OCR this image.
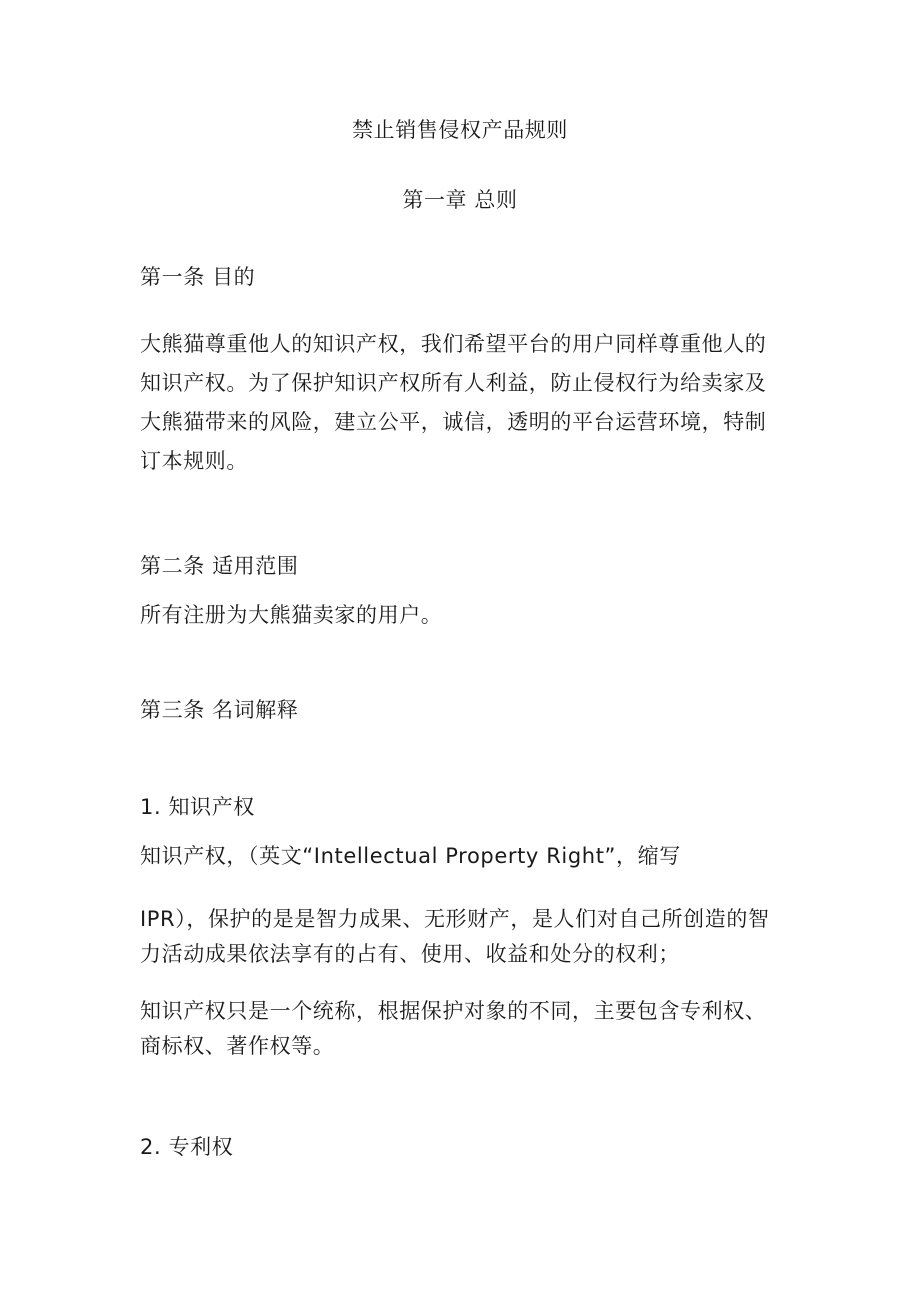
禁止销售侵权产品规则
第一章 总则
第一条 目的
大熊猫尊重他人的知识产权，我们希望平台的用户同样尊重他人的
知识产权。为了保护知识产权所有人利益，防止侵权行为给卖家及
大熊猫带来的风险，建立公平，诚信，透明的平台运营环境，特制
订本规则。
第二条 适用范围
所有注册为大熊猫卖家的用户。
第三条 名词解释
1. 知识产权
知识产权，（英文“Intellectual Property Right”，缩写
IPR），保护的是是智力成果、无形财产，是人们对自己所创造的智
力活动成果依法享有的占有、使用、收益和处分的权利；
知识产权只是一个统称，根据保护对象的不同，主要包含专利权、
商标权、著作权等。
2. 专利权
